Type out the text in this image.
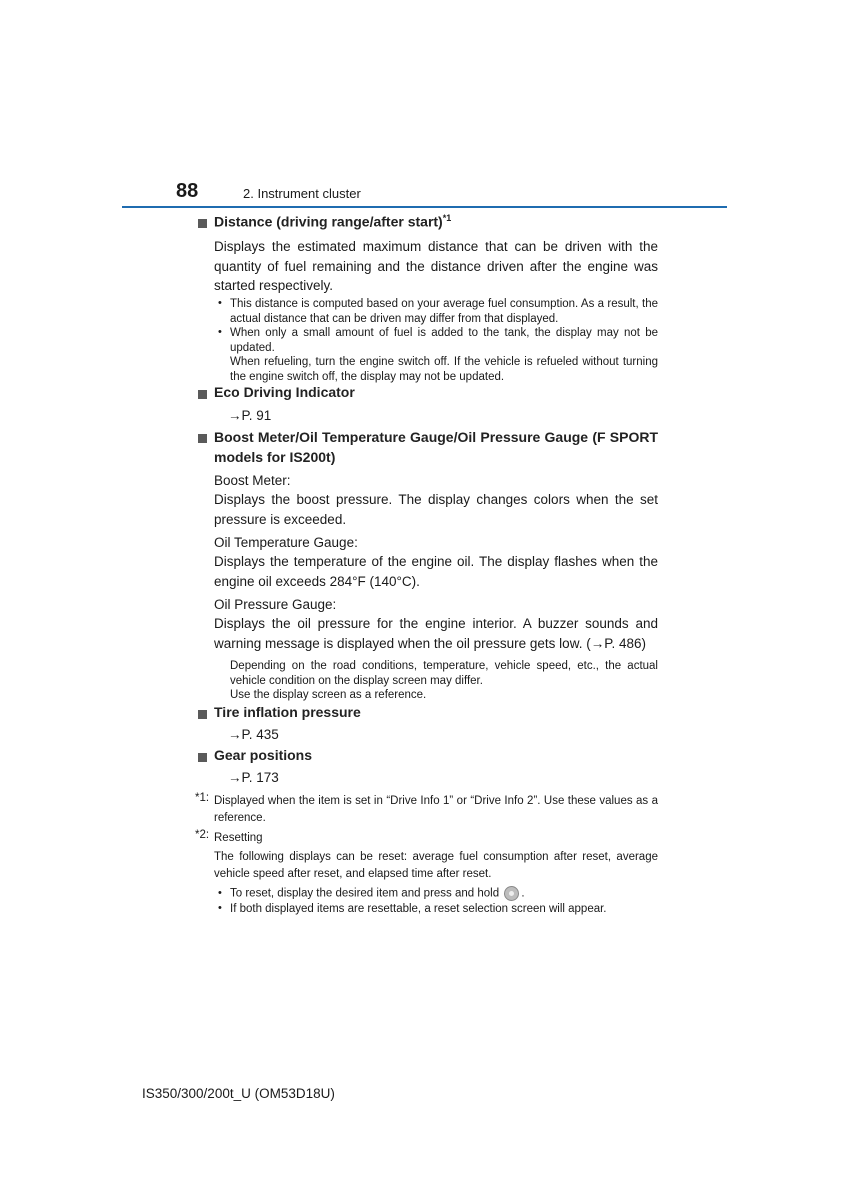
88	2. Instrument cluster
Distance (driving range/after start)$^{*1}$
Displays the estimated maximum distance that can be driven with the quantity of fuel remaining and the distance driven after the engine was started respectively.
• This distance is computed based on your average fuel consumption. As a result, the actual distance that can be driven may differ from that displayed.
• When only a small amount of fuel is added to the tank, the display may not be updated.
When refueling, turn the engine switch off. If the vehicle is refueled without turning the engine switch off, the display may not be updated.
Eco Driving Indicator
→P. 91
Boost Meter/Oil Temperature Gauge/Oil Pressure Gauge (F SPORT models for IS200t)
Boost Meter:
Displays the boost pressure. The display changes colors when the set pressure is exceeded.
Oil Temperature Gauge:
Displays the temperature of the engine oil. The display flashes when the engine oil exceeds 284°F (140°C).
Oil Pressure Gauge:
Displays the oil pressure for the engine interior. A buzzer sounds and warning message is displayed when the oil pressure gets low. (→P. 486)
Depending on the road conditions, temperature, vehicle speed, etc., the actual vehicle condition on the display screen may differ.
Use the display screen as a reference.
Tire inflation pressure
→P. 435
Gear positions
→P. 173
*1: Displayed when the item is set in “Drive Info 1” or “Drive Info 2”. Use these values as a reference.
*2: Resetting
The following displays can be reset: average fuel consumption after reset, average vehicle speed after reset, and elapsed time after reset.
• To reset, display the desired item and press and hold .
• If both displayed items are resettable, a reset selection screen will appear.
IS350/300/200t_U (OM53D18U)
